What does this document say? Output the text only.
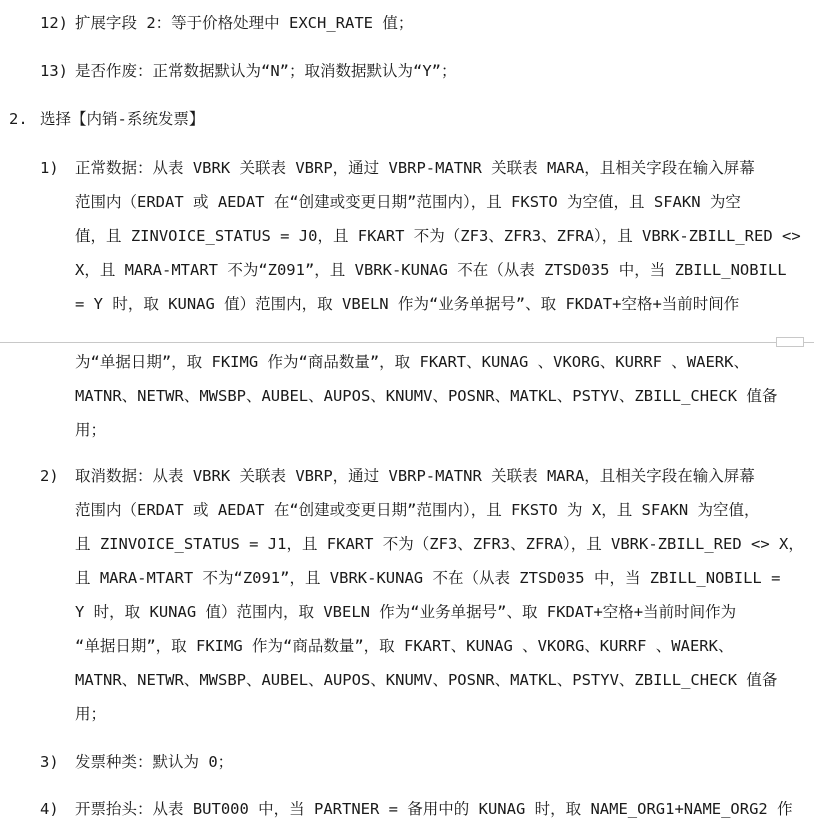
12) 扩展字段 2：等于价格处理中 EXCH_RATE 值；
13) 是否作废：正常数据默认为“N”；取消数据默认为“Y”；
2. 选择【内销-系统发票】
1) 正常数据：从表 VBRK 关联表 VBRP，通过 VBRP-MATNR 关联表 MARA，且相关字段在输入屏幕
范围内（ERDAT 或 AEDAT 在“创建或变更日期”范围内），且 FKSTO 为空值，且 SFAKN 为空
值，且 ZINVOICE_STATUS = J0，且 FKART 不为（ZF3、ZFR3、ZFRA），且 VBRK-ZBILL_RED <>
X，且 MARA-MTART 不为“Z091”，且 VBRK-KUNAG 不在（从表 ZTSD035 中，当 ZBILL_NOBILL
= Y 时，取 KUNAG 值）范围内，取 VBELN 作为“业务单据号”、取 FKDAT+空格+当前时间作
为“单据日期”，取 FKIMG 作为“商品数量”，取 FKART、KUNAG 、VKORG、KURRF 、WAERK、
MATNR、NETWR、MWSBP、AUBEL、AUPOS、KNUMV、POSNR、MATKL、PSTYV、ZBILL_CHECK 值备
用；
2) 取消数据：从表 VBRK 关联表 VBRP，通过 VBRP-MATNR 关联表 MARA，且相关字段在输入屏幕
范围内（ERDAT 或 AEDAT 在“创建或变更日期”范围内），且 FKSTO 为 X，且 SFAKN 为空值，
且 ZINVOICE_STATUS = J1，且 FKART 不为（ZF3、ZFR3、ZFRA），且 VBRK-ZBILL_RED <> X，
且 MARA-MTART 不为“Z091”，且 VBRK-KUNAG 不在（从表 ZTSD035 中，当 ZBILL_NOBILL =
Y 时，取 KUNAG 值）范围内，取 VBELN 作为“业务单据号”、取 FKDAT+空格+当前时间作为
“单据日期”，取 FKIMG 作为“商品数量”，取 FKART、KUNAG 、VKORG、KURRF 、WAERK、
MATNR、NETWR、MWSBP、AUBEL、AUPOS、KNUMV、POSNR、MATKL、PSTYV、ZBILL_CHECK 值备
用；
3) 发票种类：默认为 0；
4) 开票抬头：从表 BUT000 中，当 PARTNER = 备用中的 KUNAG 时，取 NAME_ORG1+NAME_ORG2 作
